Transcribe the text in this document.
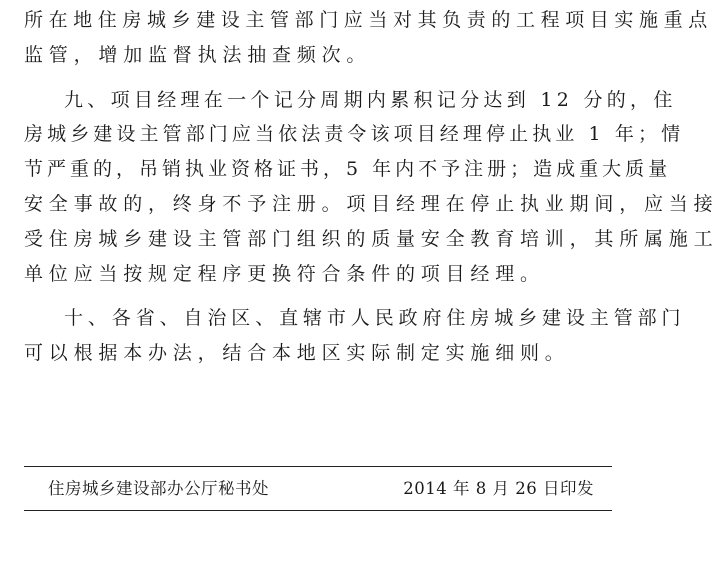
所在地住房城乡建设主管部门应当对其负责的工程项目实施重点
监管，增加监督执法抽查频次。
九、项目经理在一个记分周期内累积记分达到 12 分的，住
房城乡建设主管部门应当依法责令该项目经理停止执业 1 年；情
节严重的，吊销执业资格证书，5 年内不予注册；造成重大质量
安全事故的，终身不予注册。项目经理在停止执业期间，应当接
受住房城乡建设主管部门组织的质量安全教育培训，其所属施工
单位应当按规定程序更换符合条件的项目经理。
十、各省、自治区、直辖市人民政府住房城乡建设主管部门
可以根据本办法，结合本地区实际制定实施细则。
住房城乡建设部办公厅秘书处	2014 年 8 月 26 日印发
